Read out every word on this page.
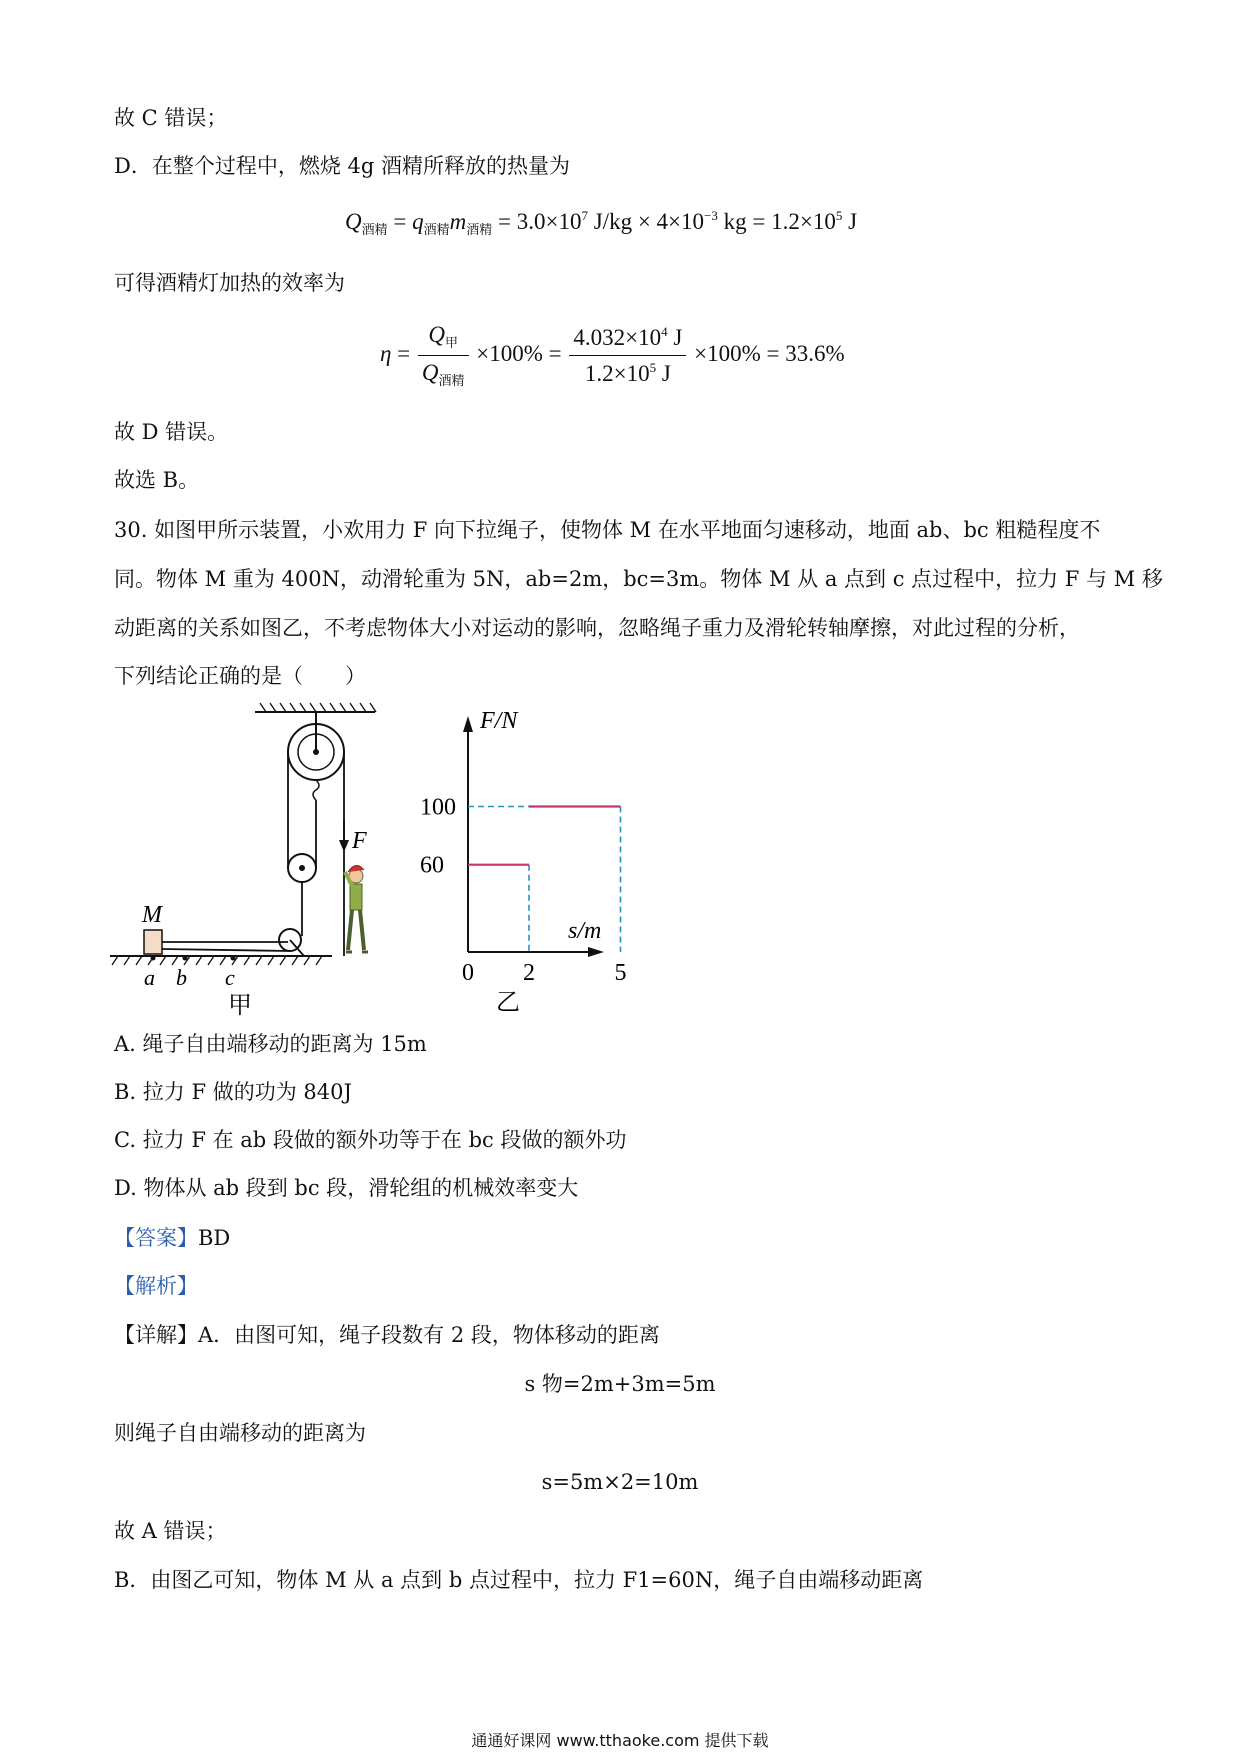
故 C 错误；
D．在整个过程中，燃烧 4g 酒精所释放的热量为
$Q_{酒精} = q_{酒精}m_{酒精} = 3.0\times 10^7$ $J/kg \times 4\times 10^{-3}$ kg = $1.2\times 10^5$ J
可得酒精灯加热的效率为
$\eta = \frac{Q_甲}{Q_{酒精}} \times 100\% = \frac{4.032\times 10^4 J}{1.2\times 10^5 J} \times 100\% = 33.6\%$
故 D 错误。
故选 B。
30. 如图甲所示装置，小欢用力 F 向下拉绳子，使物体 M 在水平地面匀速移动，地面 ab、bc 粗糙程度不
同。物体 M 重为 400N，动滑轮重为 5N，ab=2m，bc=3m。物体 M 从 a 点到 c 点过程中，拉力 F 与 M 移
动距离的关系如图乙，不考虑物体大小对运动的影响，忽略绳子重力及滑轮转轴摩擦，对此过程的分析，
下列结论正确的是（　　）
M
F
a b c
甲
F/N
s/m
0
乙
60
100
2	5
A. 绳子自由端移动的距离为 15m
B. 拉力 F 做的功为 840J
C. 拉力 F 在 ab 段做的额外功等于在 bc 段做的额外功
D. 物体从 ab 段到 bc 段，滑轮组的机械效率变大
【答案】BD
【解析】
【详解】A．由图可知，绳子段数有 2 段，物体移动的距离
s 物=2m+3m=5m
则绳子自由端移动的距离为
s=5m×2=10m
故 A 错误；
B．由图乙可知，物体 M 从 a 点到 b 点过程中，拉力 F1=60N，绳子自由端移动距离
通通好课网 www.tthaoke.com 提供下载
